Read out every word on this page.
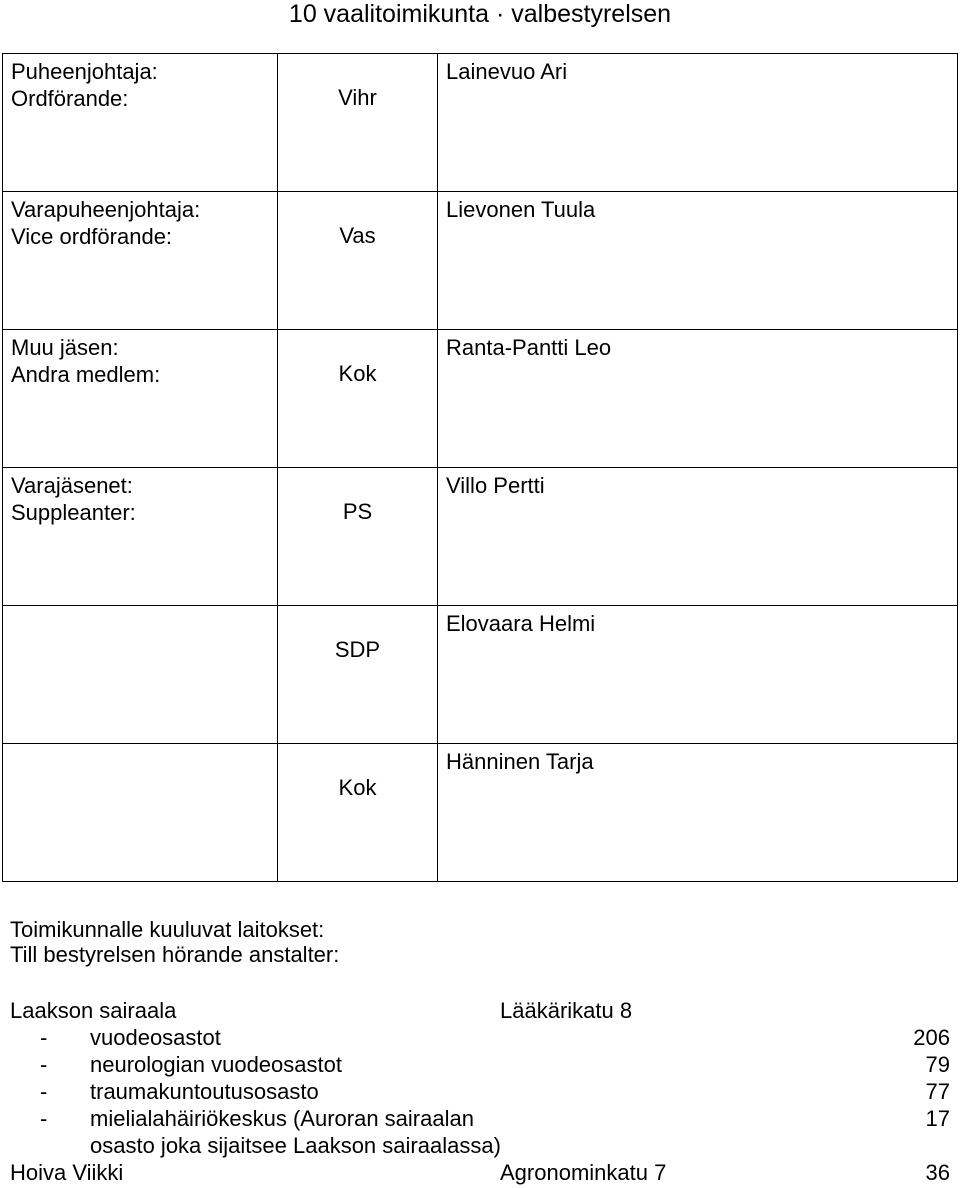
10 vaalitoimikunta · valbestyrelsen
Puheenjohtaja:
Ordförande:	Vihr	Lainevuo Ari

Varapuheenjohtaja:
Vice ordförande:	Vas	Lievonen Tuula

Muu jäsen:
Andra medlem:	Kok	Ranta-Pantti Leo

Varajäsenet:
Suppleanter:	PS	Villo Pertti

	SDP	Elovaara Helmi

	Kok	Hänninen Tarja
Toimikunnalle kuuluvat laitokset:
Till bestyrelsen hörande anstalter:
Laakson sairaala	Lääkärikatu 8
- vuodeosastot	206
- neurologian vuodeosastot	79
- traumakuntoutusosasto	77
- mielialahäiriökeskus (Auroran sairaalan	17
osasto joka sijaitsee Laakson sairaalassa)
Hoiva Viikki	Agronominkatu 7	36
